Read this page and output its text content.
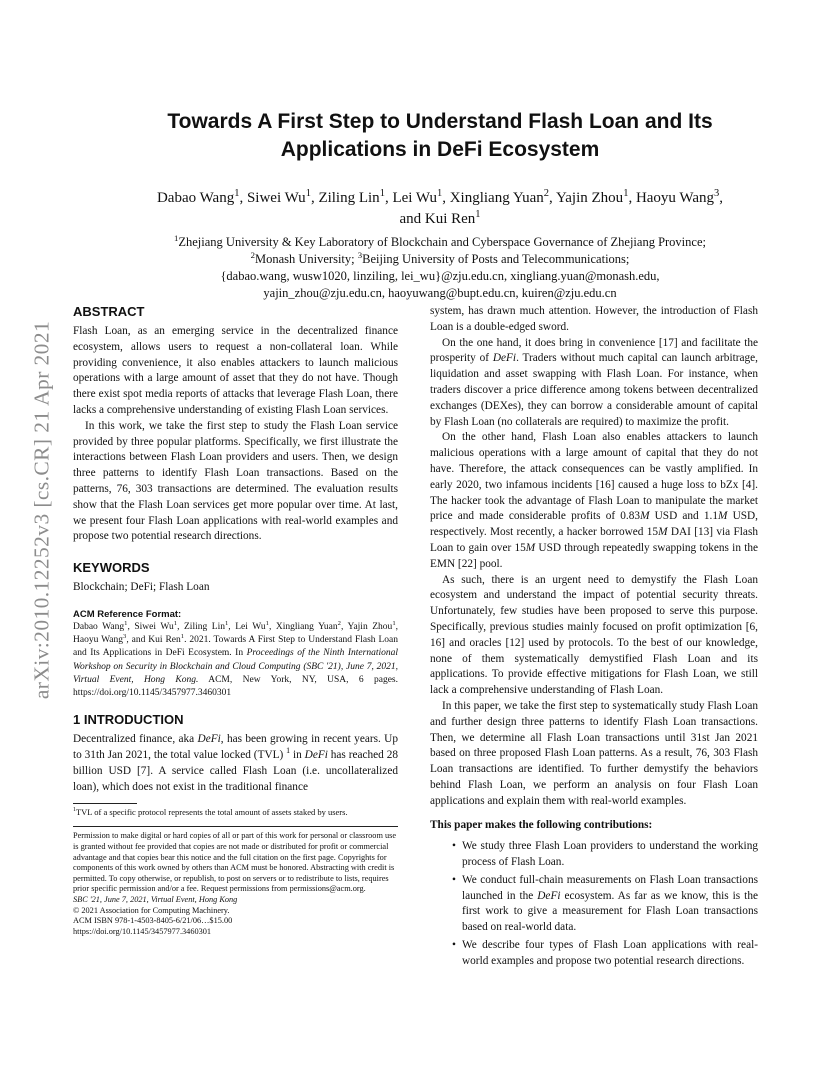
arXiv:2010.12252v3 [cs.CR] 21 Apr 2021
Towards A First Step to Understand Flash Loan and Its
Applications in DeFi Ecosystem
Dabao Wang$^1$, Siwei Wu$^1$, Ziling Lin$^1$, Lei Wu$^1$, Xingliang Yuan$^2$, Yajin Zhou$^1$, Haoyu Wang$^3$,
and Kui Ren$^1$
$^1$Zhejiang University & Key Laboratory of Blockchain and Cyberspace Governance of Zhejiang Province;
$^2$Monash University; $^3$Beijing University of Posts and Telecommunications;
{dabao.wang, wusw1020, linziling, lei_wu}@zju.edu.cn, xingliang.yuan@monash.edu,
yajin_zhou@zju.edu.cn, haoyuwang@bupt.edu.cn, kuiren@zju.edu.cn
ABSTRACT

Flash Loan, as an emerging service in the decentralized finance ecosystem, allows users to request a non-collateral loan. While providing convenience, it also enables attackers to launch malicious operations with a large amount of asset that they do not have. Though there exist spot media reports of attacks that leverage Flash Loan, there lacks a comprehensive understanding of existing Flash Loan services.

In this work, we take the first step to study the Flash Loan service provided by three popular platforms. Specifically, we first illustrate the interactions between Flash Loan providers and users. Then, we design three patterns to identify Flash Loan transactions. Based on the patterns, 76, 303 transactions are determined. The evaluation results show that the Flash Loan services get more popular over time. At last, we present four Flash Loan applications with real-world examples and propose two potential research directions.

KEYWORDS

Blockchain; DeFi; Flash Loan

ACM Reference Format:
Dabao Wang$^1$, Siwei Wu$^1$, Ziling Lin$^1$, Lei Wu$^1$, Xingliang Yuan$^2$, Yajin Zhou$^1$, Haoyu Wang$^3$, and Kui Ren$^1$. 2021. Towards A First Step to Understand Flash Loan and Its Applications in DeFi Ecosystem. In Proceedings of the Ninth International Workshop on Security in Blockchain and Cloud Computing (SBC '21), June 7, 2021, Virtual Event, Hong Kong. ACM, New York, NY, USA, 6 pages. https://doi.org/10.1145/3457977.3460301
1 INTRODUCTION

Decentralized finance, aka DeFi, has been growing in recent years. Up to 31th Jan 2021, the total value locked (TVL) $^1$ in DeFi has reached 28 billion USD [7]. A service called Flash Loan (i.e. uncollateralized loan), which does not exist in the traditional finance

$^1$TVL of a specific protocol represents the total amount of assets staked by users.
Permission to make digital or hard copies of all or part of this work for personal or classroom use is granted without fee provided that copies are not made or distributed for profit or commercial advantage and that copies bear this notice and the full citation on the first page. Copyrights for components of this work owned by others than ACM must be honored. Abstracting with credit is permitted. To copy otherwise, or republish, to post on servers or to redistribute to lists, requires prior specific permission and/or a fee. Request permissions from permissions@acm.org.
SBC '21, June 7, 2021, Virtual Event, Hong Kong
© 2021 Association for Computing Machinery.
ACM ISBN 978-1-4503-8405-6/21/06…$15.00
https://doi.org/10.1145/3457977.3460301

system, has drawn much attention. However, the introduction of Flash Loan is a double-edged sword.

On the one hand, it does bring in convenience [17] and facilitate the prosperity of DeFi. Traders without much capital can launch arbitrage, liquidation and asset swapping with Flash Loan. For instance, when traders discover a price difference among tokens between decentralized exchanges (DEXes), they can borrow a considerable amount of capital by Flash Loan (no collaterals are required) to maximize the profit.

On the other hand, Flash Loan also enables attackers to launch malicious operations with a large amount of capital that they do not have. Therefore, the attack consequences can be vastly amplified. In early 2020, two infamous incidents [16] caused a huge loss to bZx [4]. The hacker took the advantage of Flash Loan to manipulate the market price and made considerable profits of 0.83M USD and 1.1M USD, respectively. Most recently, a hacker borrowed 15M DAI [13] via Flash Loan to gain over 15M USD through repeatedly swapping tokens in the EMN [22] pool.

As such, there is an urgent need to demystify the Flash Loan ecosystem and understand the impact of potential security threats. Unfortunately, few studies have been proposed to serve this purpose. Specifically, previous studies mainly focused on profit optimization [6, 16] and oracles [12] used by protocols. To the best of our knowledge, none of them systematically demystified Flash Loan and its applications. To provide effective mitigations for Flash Loan, we still lack a comprehensive understanding of Flash Loan.

In this paper, we take the first step to systematically study Flash Loan and further design three patterns to identify Flash Loan transactions. Then, we determine all Flash Loan transactions until 31st Jan 2021 based on three proposed Flash Loan patterns. As a result, 76, 303 Flash Loan transactions are identified. To further demystify the behaviors behind Flash Loan, we perform an analysis on four Flash Loan applications and explain them with real-world examples.

This paper makes the following contributions:
• We study three Flash Loan providers to understand the working process of Flash Loan.
• We conduct full-chain measurements on Flash Loan transactions launched in the DeFi ecosystem. As far as we know, this is the first work to give a measurement for Flash Loan transactions based on real-world data.
• We describe four types of Flash Loan applications with real-world examples and propose two potential research directions.
